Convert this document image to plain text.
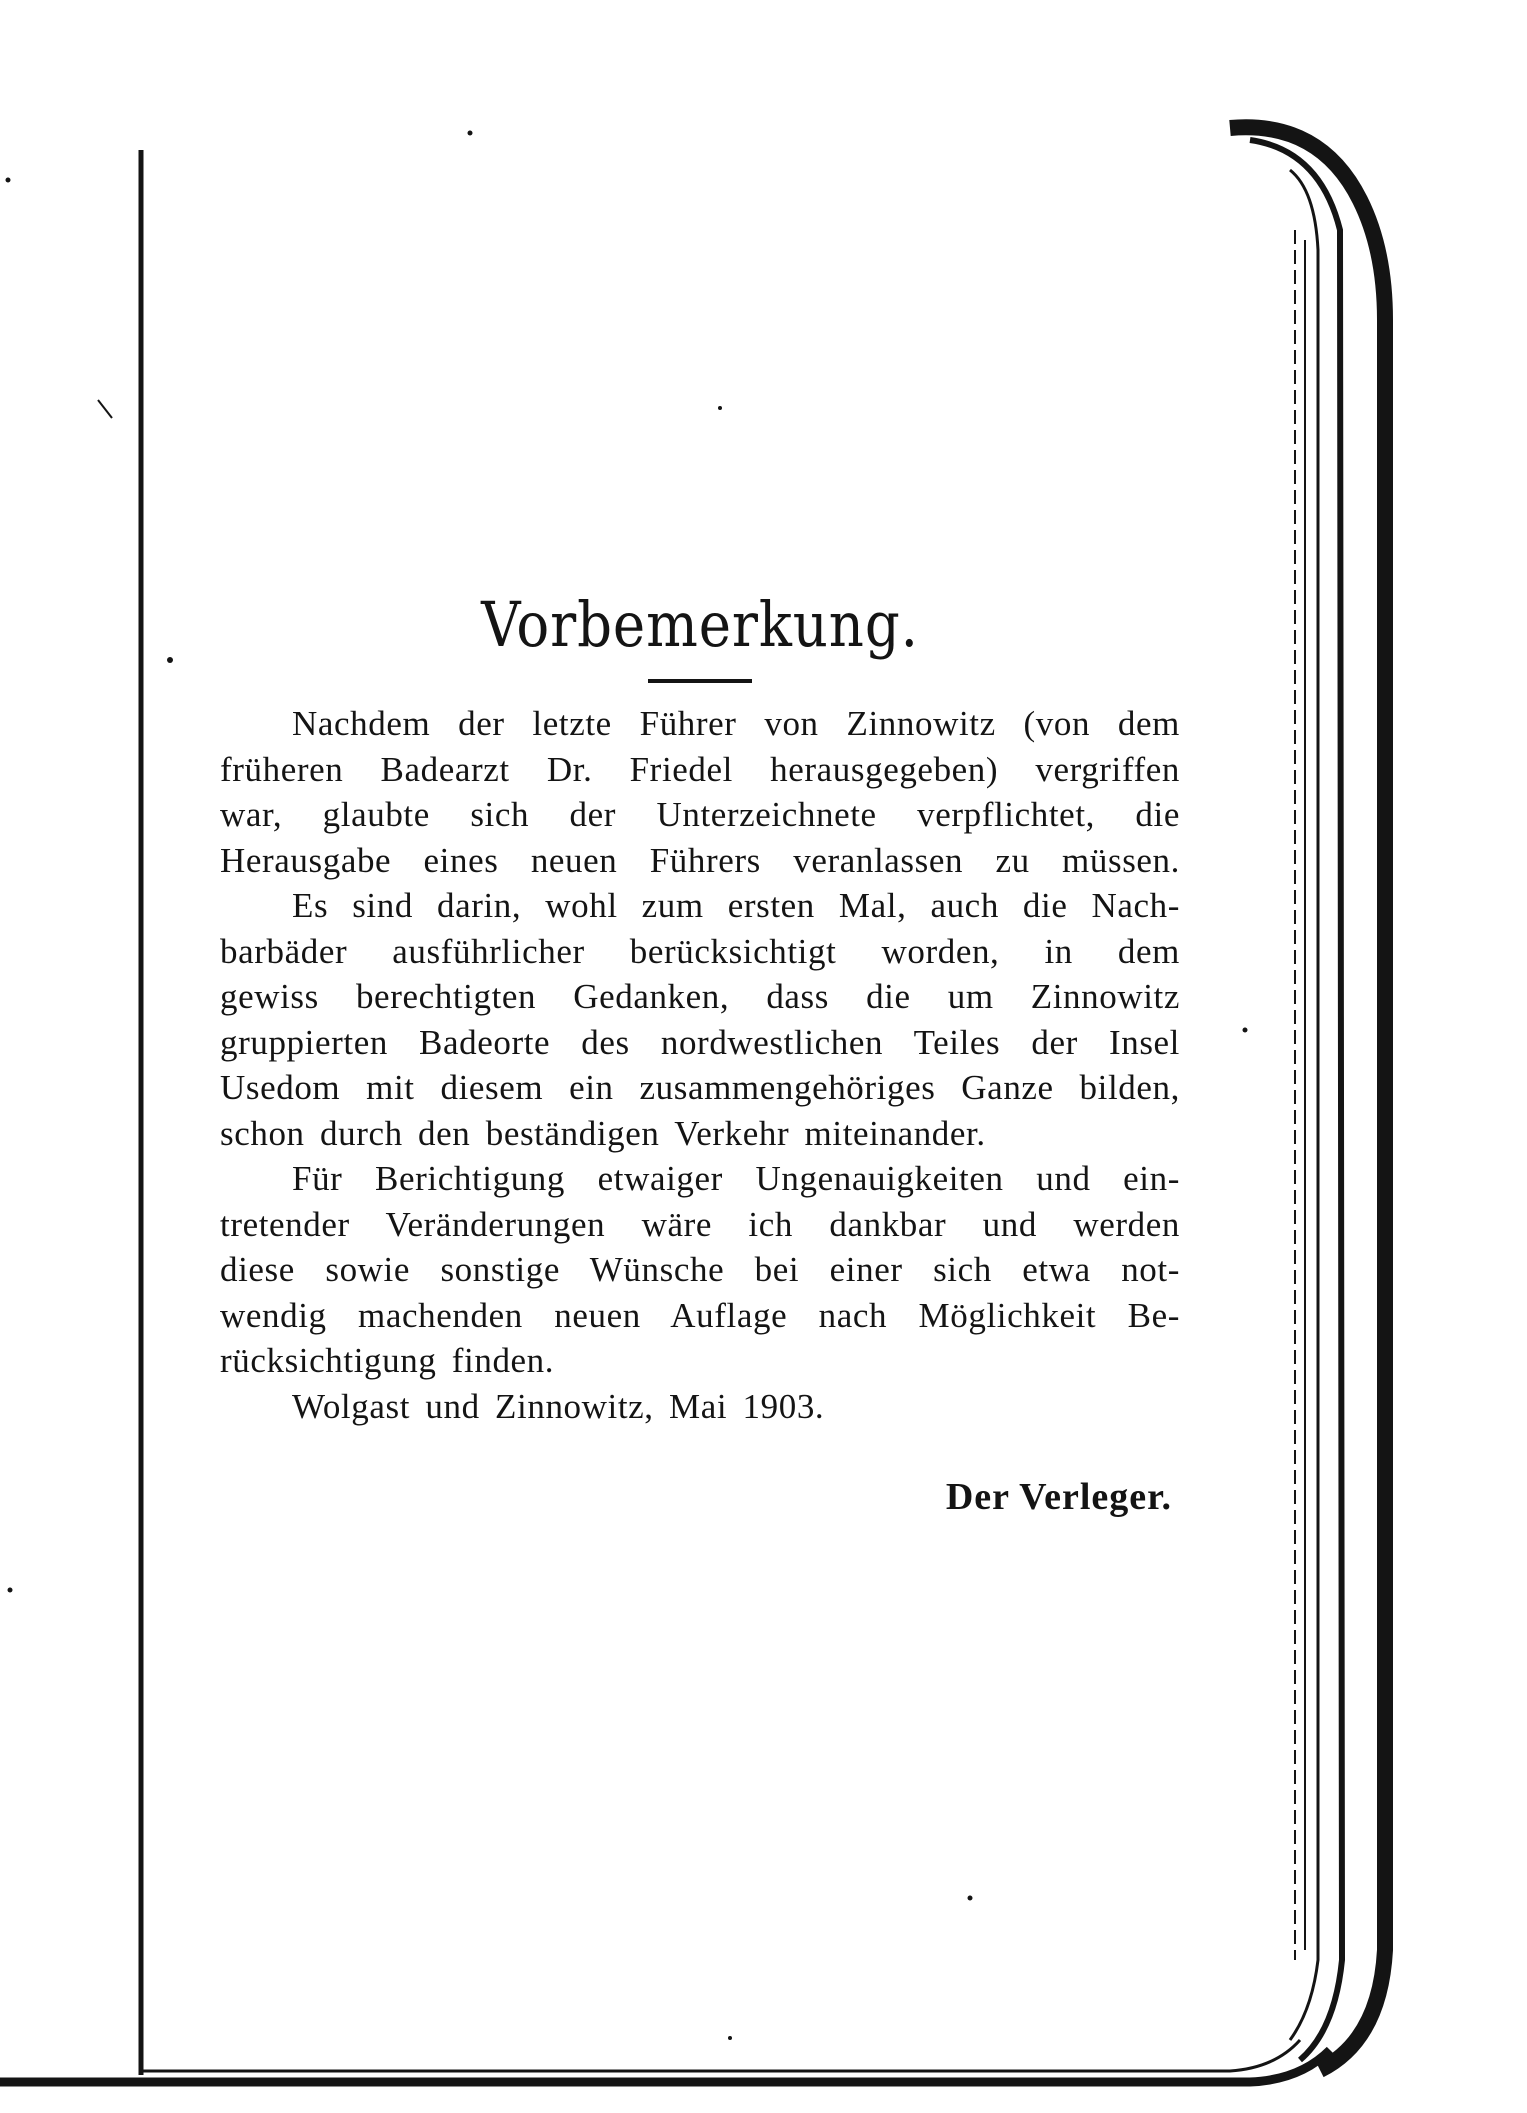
Vorbemerkung.

Nachdem der letzte Führer von Zinnowitz (von dem
früheren Badearzt Dr. Friedel herausgegeben) vergriffen
war, glaubte sich der Unterzeichnete verpflichtet, die
Herausgabe eines neuen Führers veranlassen zu müssen.

Es sind darin, wohl zum ersten Mal, auch die Nach-
barbäder ausführlicher berücksichtigt worden, in dem
gewiss berechtigten Gedanken, dass die um Zinnowitz
gruppierten Badeorte des nordwestlichen Teiles der Insel
Usedom mit diesem ein zusammengehöriges Ganze bilden,
schon durch den beständigen Verkehr miteinander.

Für Berichtigung etwaiger Ungenauigkeiten und ein-
tretender Veränderungen wäre ich dankbar und werden
diese sowie sonstige Wünsche bei einer sich etwa not-
wendig machenden neuen Auflage nach Möglichkeit Be-
rücksichtigung finden.

Wolgast und Zinnowitz, Mai 1903.

Der Verleger.
